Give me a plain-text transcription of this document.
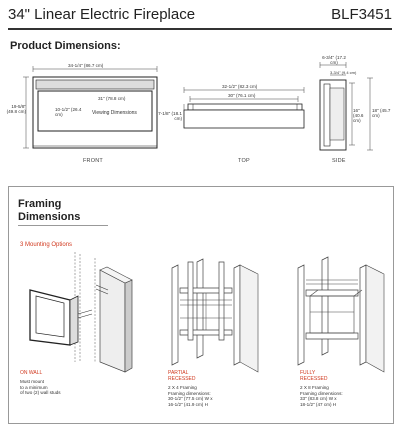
34" Linear Electric Fireplace	BLF3451
Product Dimensions:
34-1/4" (86.7 cm)
31" (78.8 cm)
19-5/8" (49.8 cm)	10-1/2" (26.4 cm)	Viewing Dimensions
FRONT
32-1/2" (82.3 cm)
30" (76.1 cm)
7-1/8" (18.1 cm)
TOP
6-3/4" (17.2 cm)
3-3/4" (9.4 cm)
16" (40.6 cm)
18" (45.7 cm)
SIDE
Framing
Dimensions
3 Mounting Options
ON WALL
Must mount
to a minimum
of two (2) wall studs
PARTIAL
RECESSED
2 X 4 Framing
Framing dimensions:
30-1/2" (77.5 cm) W x
16-1/2" (41.9 cm) H
FULLY
RECESSED
2 X 8 Framing
Framing dimensions:
33" (83.8 cm) W x
18-1/2" (47 cm) H
